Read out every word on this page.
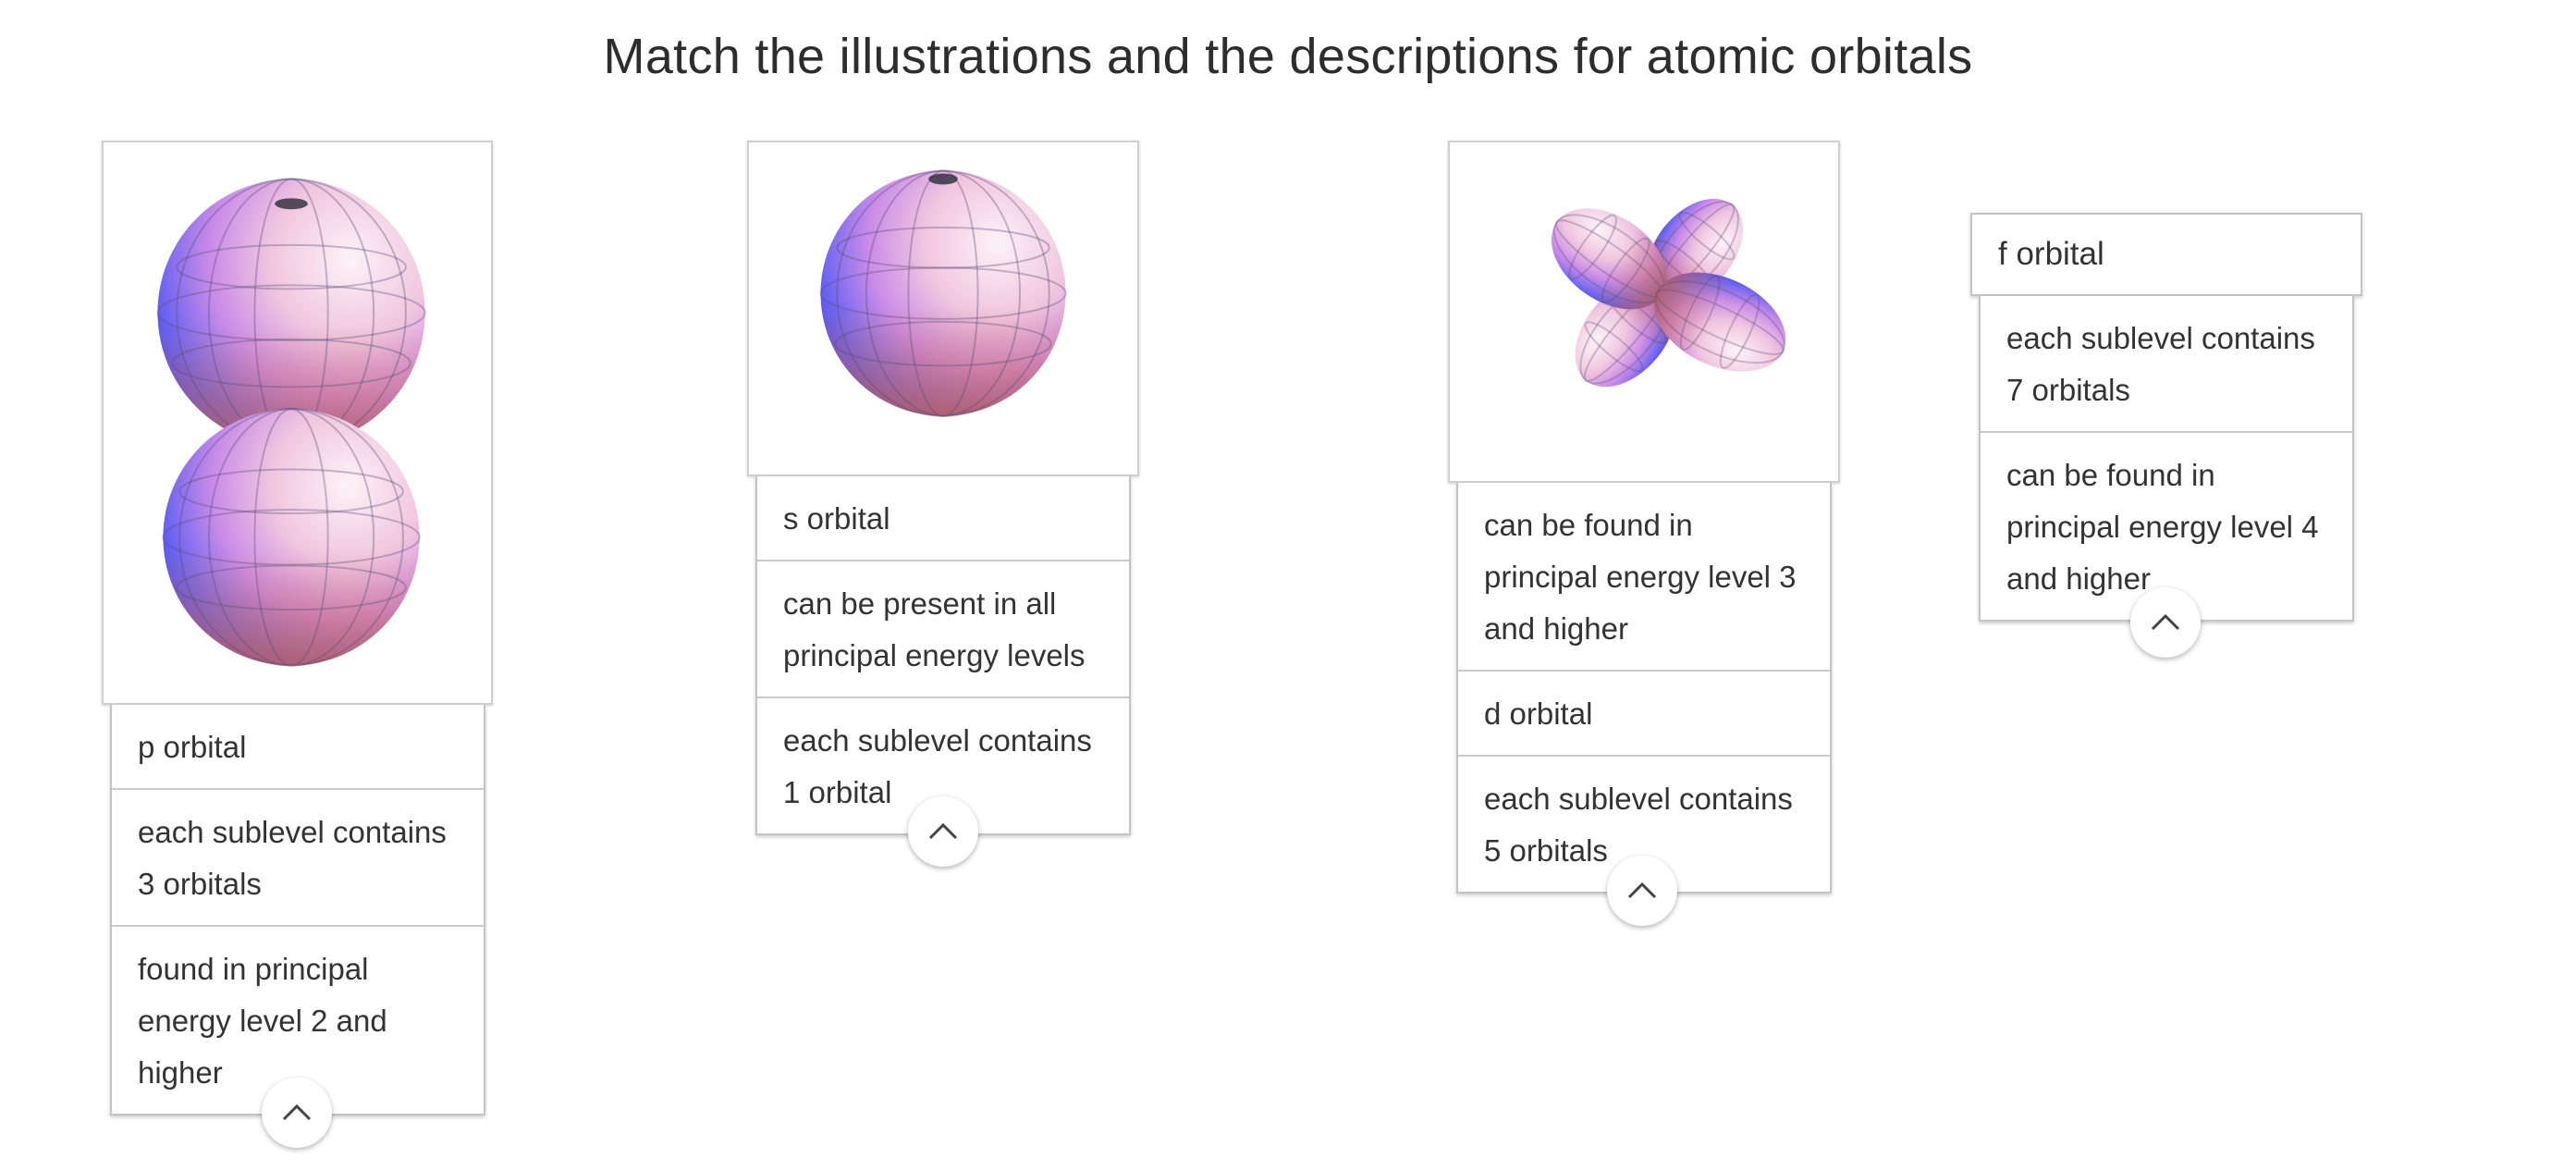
Match the illustrations and the descriptions for atomic orbitals
p orbital
each sublevel contains
3 orbitals
found in principal
energy level 2 and
higher
s orbital
can be present in all
principal energy levels
each sublevel contains
1 orbital
can be found in
principal energy level 3
and higher
d orbital
each sublevel contains
5 orbitals
f orbital
each sublevel contains
7 orbitals
can be found in
principal energy level 4
and higher
